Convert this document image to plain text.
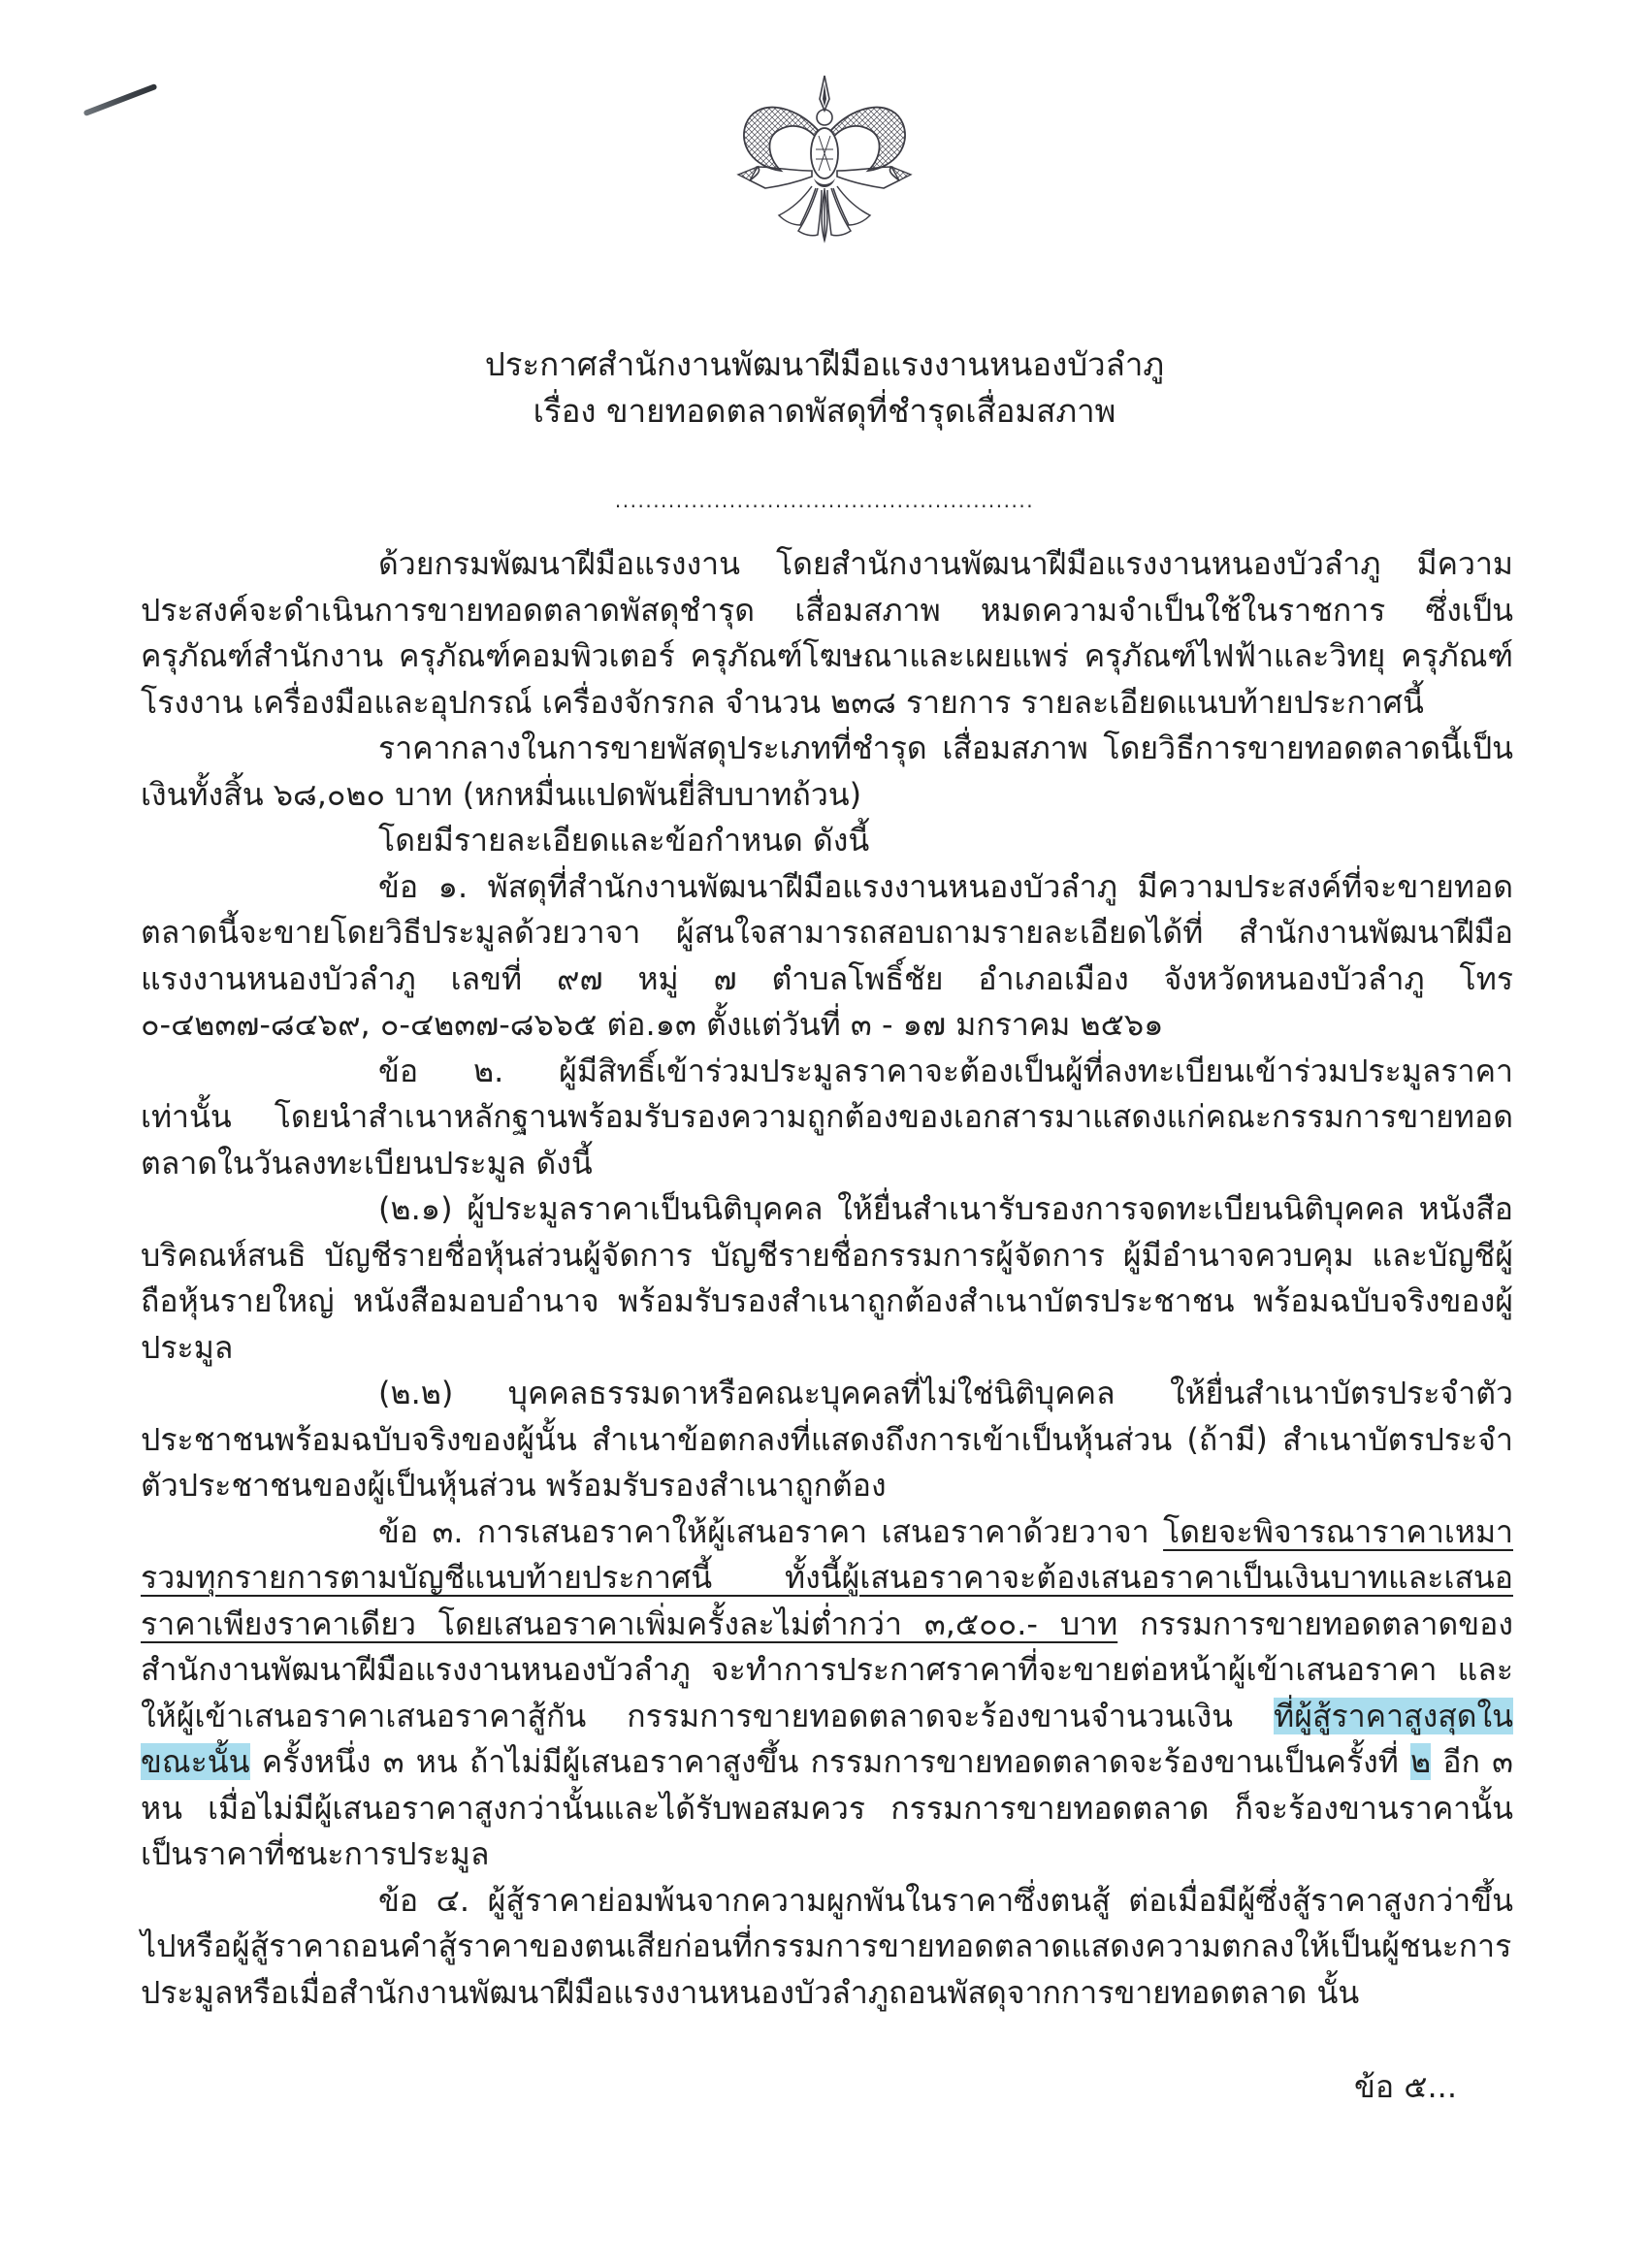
ประกาศสำนักงานพัฒนาฝีมือแรงงานหนองบัวลำภู
เรื่อง ขายทอดตลาดพัสดุที่ชำรุดเสื่อมสภาพ
.......................................................

ด้วยกรมพัฒนาฝีมือแรงงาน โดยสำนักงานพัฒนาฝีมือแรงงานหนองบัวลำภู มีความประสงค์จะดำเนินการขายทอดตลาดพัสดุชำรุด เสื่อมสภาพ หมดความจำเป็นใช้ในราชการ ซึ่งเป็นครุภัณฑ์สำนักงาน ครุภัณฑ์คอมพิวเตอร์ ครุภัณฑ์โฆษณาและเผยแพร่ ครุภัณฑ์ไฟฟ้าและวิทยุ ครุภัณฑ์โรงงาน เครื่องมือและอุปกรณ์ เครื่องจักรกล จำนวน ๒๓๘ รายการ รายละเอียดแนบท้ายประกาศนี้

ราคากลางในการขายพัสดุประเภทที่ชำรุด เสื่อมสภาพ โดยวิธีการขายทอดตลาดนี้เป็นเงินทั้งสิ้น ๖๘,๐๒๐ บาท (หกหมื่นแปดพันยี่สิบบาทถ้วน)

โดยมีรายละเอียดและข้อกำหนด ดังนี้

ข้อ ๑. พัสดุที่สำนักงานพัฒนาฝีมือแรงงานหนองบัวลำภู มีความประสงค์ที่จะขายทอดตลาดนี้จะขายโดยวิธีประมูลด้วยวาจา ผู้สนใจสามารถสอบถามรายละเอียดได้ที่ สำนักงานพัฒนาฝีมือแรงงานหนองบัวลำภู เลขที่ ๙๗ หมู่ ๗ ตำบลโพธิ์ชัย อำเภอเมือง จังหวัดหนองบัวลำภู โทร ๐-๔๒๓๗-๘๔๖๙, ๐-๔๒๓๗-๘๖๖๕ ต่อ.๑๓ ตั้งแต่วันที่ ๓ - ๑๗ มกราคม ๒๕๖๑

ข้อ ๒. ผู้มีสิทธิ์เข้าร่วมประมูลราคาจะต้องเป็นผู้ที่ลงทะเบียนเข้าร่วมประมูลราคาเท่านั้น โดยนำสำเนาหลักฐานพร้อมรับรองความถูกต้องของเอกสารมาแสดงแก่คณะกรรมการขายทอดตลาดในวันลงทะเบียนประมูล ดังนี้

(๒.๑) ผู้ประมูลราคาเป็นนิติบุคคล ให้ยื่นสำเนารับรองการจดทะเบียนนิติบุคคล หนังสือบริคณห์สนธิ บัญชีรายชื่อหุ้นส่วนผู้จัดการ บัญชีรายชื่อกรรมการผู้จัดการ ผู้มีอำนาจควบคุม และบัญชีผู้ถือหุ้นรายใหญ่ หนังสือมอบอำนาจ พร้อมรับรองสำเนาถูกต้องสำเนาบัตรประชาชน พร้อมฉบับจริงของผู้ประมูล

(๒.๒) บุคคลธรรมดาหรือคณะบุคคลที่ไม่ใช่นิติบุคคล ให้ยื่นสำเนาบัตรประจำตัวประชาชนพร้อมฉบับจริงของผู้นั้น สำเนาข้อตกลงที่แสดงถึงการเข้าเป็นหุ้นส่วน (ถ้ามี) สำเนาบัตรประจำตัวประชาชนของผู้เป็นหุ้นส่วน พร้อมรับรองสำเนาถูกต้อง

ข้อ ๓. การเสนอราคาให้ผู้เสนอราคา เสนอราคาด้วยวาจา โดยจะพิจารณาราคาเหมารวมทุกรายการตามบัญชีแนบท้ายประกาศนี้ ทั้งนี้ผู้เสนอราคาจะต้องเสนอราคาเป็นเงินบาทและเสนอราคาเพียงราคาเดียว โดยเสนอราคาเพิ่มครั้งละไม่ต่ำกว่า ๓,๕๐๐.- บาท กรรมการขายทอดตลาดของสำนักงานพัฒนาฝีมือแรงงานหนองบัวลำภู จะทำการประกาศราคาที่จะขายต่อหน้าผู้เข้าเสนอราคา และให้ผู้เข้าเสนอราคาเสนอราคาสู้กัน กรรมการขายทอดตลาดจะร้องขานจำนวนเงิน ที่ผู้สู้ราคาสูงสุดในขณะนั้น ครั้งหนึ่ง ๓ หน ถ้าไม่มีผู้เสนอราคาสูงขึ้น กรรมการขายทอดตลาดจะร้องขานเป็นครั้งที่ ๒ อีก ๓ หน เมื่อไม่มีผู้เสนอราคาสูงกว่านั้นและได้รับพอสมควร กรรมการขายทอดตลาด ก็จะร้องขานราคานั้นเป็นราคาที่ชนะการประมูล

ข้อ ๔. ผู้สู้ราคาย่อมพ้นจากความผูกพันในราคาซึ่งตนสู้ ต่อเมื่อมีผู้ซึ่งสู้ราคาสูงกว่าขึ้นไปหรือผู้สู้ราคาถอนคำสู้ราคาของตนเสียก่อนที่กรรมการขายทอดตลาดแสดงความตกลงให้เป็นผู้ชนะการประมูลหรือเมื่อสำนักงานพัฒนาฝีมือแรงงานหนองบัวลำภูถอนพัสดุจากการขายทอดตลาด นั้น

ข้อ ๕...
